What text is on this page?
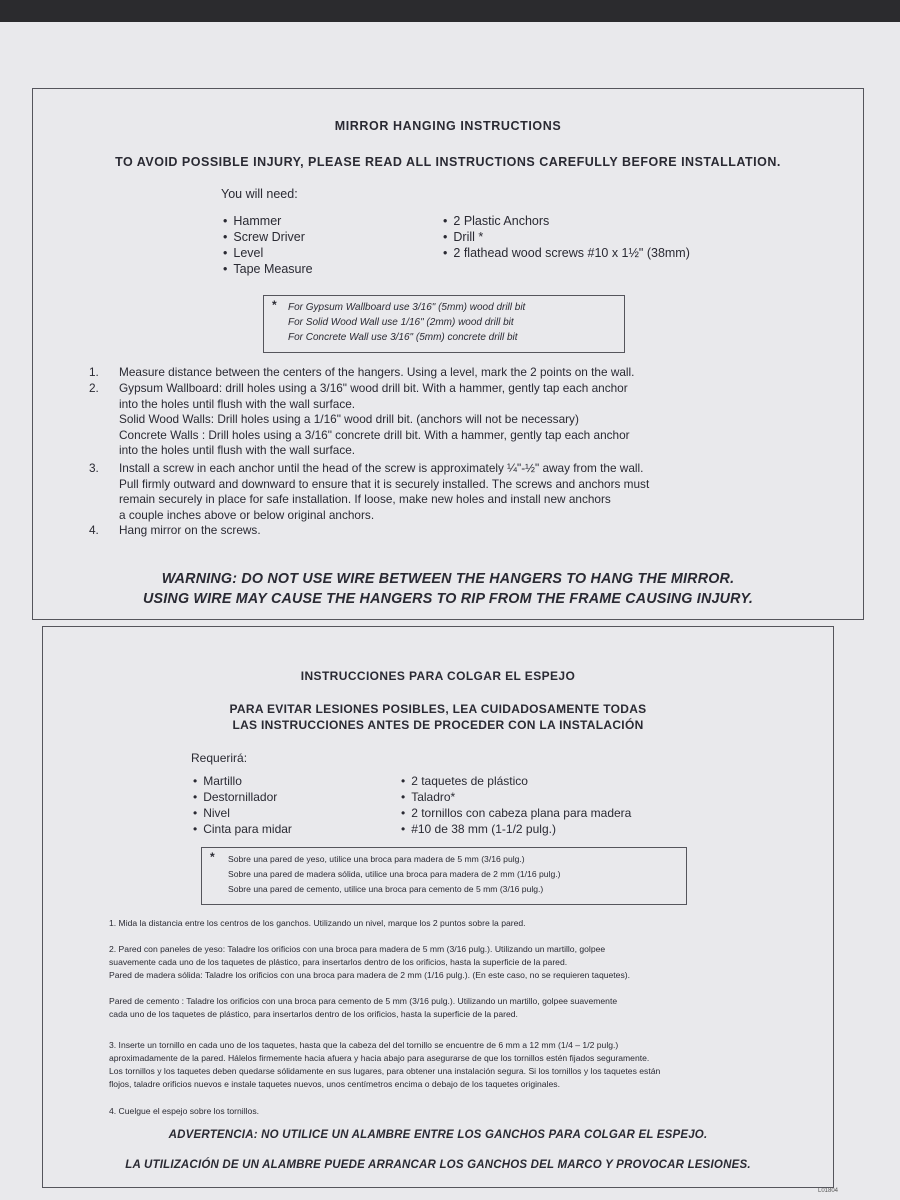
MIRROR HANGING INSTRUCTIONS
TO AVOID POSSIBLE INJURY, PLEASE READ ALL INSTRUCTIONS CAREFULLY BEFORE INSTALLATION.
You will need:
• Hammer
• Screw Driver
• Level
• Tape Measure
• 2 Plastic Anchors
• Drill *
• 2 flathead wood screws #10 x 1½" (38mm)
* For Gypsum Wallboard use 3/16" (5mm) wood drill bit
For Solid Wood Wall use 1/16" (2mm) wood drill bit
For Concrete Wall use 3/16" (5mm) concrete drill bit
1. Measure distance between the centers of the hangers. Using a level, mark the 2 points on the wall.
2. Gypsum Wallboard: drill holes using a 3/16" wood drill bit. With a hammer, gently tap each anchor
into the holes until flush with the wall surface.
Solid Wood Walls: Drill holes using a 1/16" wood drill bit. (anchors will not be necessary)
Concrete Walls : Drill holes using a 3/16" concrete drill bit. With a hammer, gently tap each anchor
into the holes until flush with the wall surface.
3. Install a screw in each anchor until the head of the screw is approximately ¼"-½" away from the wall.
Pull firmly outward and downward to ensure that it is securely installed. The screws and anchors must
remain securely in place for safe installation. If loose, make new holes and install new anchors
a couple inches above or below original anchors.
4. Hang mirror on the screws.
WARNING: DO NOT USE WIRE BETWEEN THE HANGERS TO HANG THE MIRROR.
USING WIRE MAY CAUSE THE HANGERS TO RIP FROM THE FRAME CAUSING INJURY.
INSTRUCCIONES PARA COLGAR EL ESPEJO
PARA EVITAR LESIONES POSIBLES, LEA CUIDADOSAMENTE TODAS
LAS INSTRUCCIONES ANTES DE PROCEDER CON LA INSTALACIÓN
Requerirá:
• Martillo
• Destornillador
• Nivel
• Cinta para midar
• 2 taquetes de plástico
• Taladro*
• 2 tornillos con cabeza plana para madera
• #10 de 38 mm (1-1/2 pulg.)
* Sobre una pared de yeso, utilice una broca para madera de 5 mm (3/16 pulg.)
Sobre una pared de madera sólida, utilice una broca para madera de 2 mm (1/16 pulg.)
Sobre una pared de cemento, utilice una broca para cemento de 5 mm (3/16 pulg.)
1. Mida la distancia entre los centros de los ganchos. Utilizando un nivel, marque los 2 puntos sobre la pared.
2. Pared con paneles de yeso: Taladre los orificios con una broca para madera de 5 mm (3/16 pulg.). Utilizando un martillo, golpee
suavemente cada uno de los taquetes de plástico, para insertarlos dentro de los orificios, hasta la superficie de la pared.
Pared de madera sólida: Taladre los orificios con una broca para madera de 2 mm (1/16 pulg.). (En este caso, no se requieren taquetes).
Pared de cemento : Taladre los orificios con una broca para cemento de 5 mm (3/16 pulg.). Utilizando un martillo, golpee suavemente
cada uno de los taquetes de plástico, para insertarlos dentro de los orificios, hasta la superficie de la pared.
3. Inserte un tornillo en cada uno de los taquetes, hasta que la cabeza del del tornillo se encuentre de 6 mm a 12 mm (1/4 – 1/2 pulg.)
aproximadamente de la pared. Hálelos firmemente hacia afuera y hacia abajo para asegurarse de que los tornillos estén fijados seguramente.
Los tornillos y los taquetes deben quedarse sólidamente en sus lugares, para obtener una instalación segura. Si los tornillos y los taquetes están
flojos, taladre orificios nuevos e instale taquetes nuevos, unos centímetros encima o debajo de los taquetes originales.
4. Cuelgue el espejo sobre los tornillos.
ADVERTENCIA: NO UTILICE UN ALAMBRE ENTRE LOS GANCHOS PARA COLGAR EL ESPEJO.
LA UTILIZACIÓN DE UN ALAMBRE PUEDE ARRANCAR LOS GANCHOS DEL MARCO Y PROVOCAR LESIONES.
L01804
